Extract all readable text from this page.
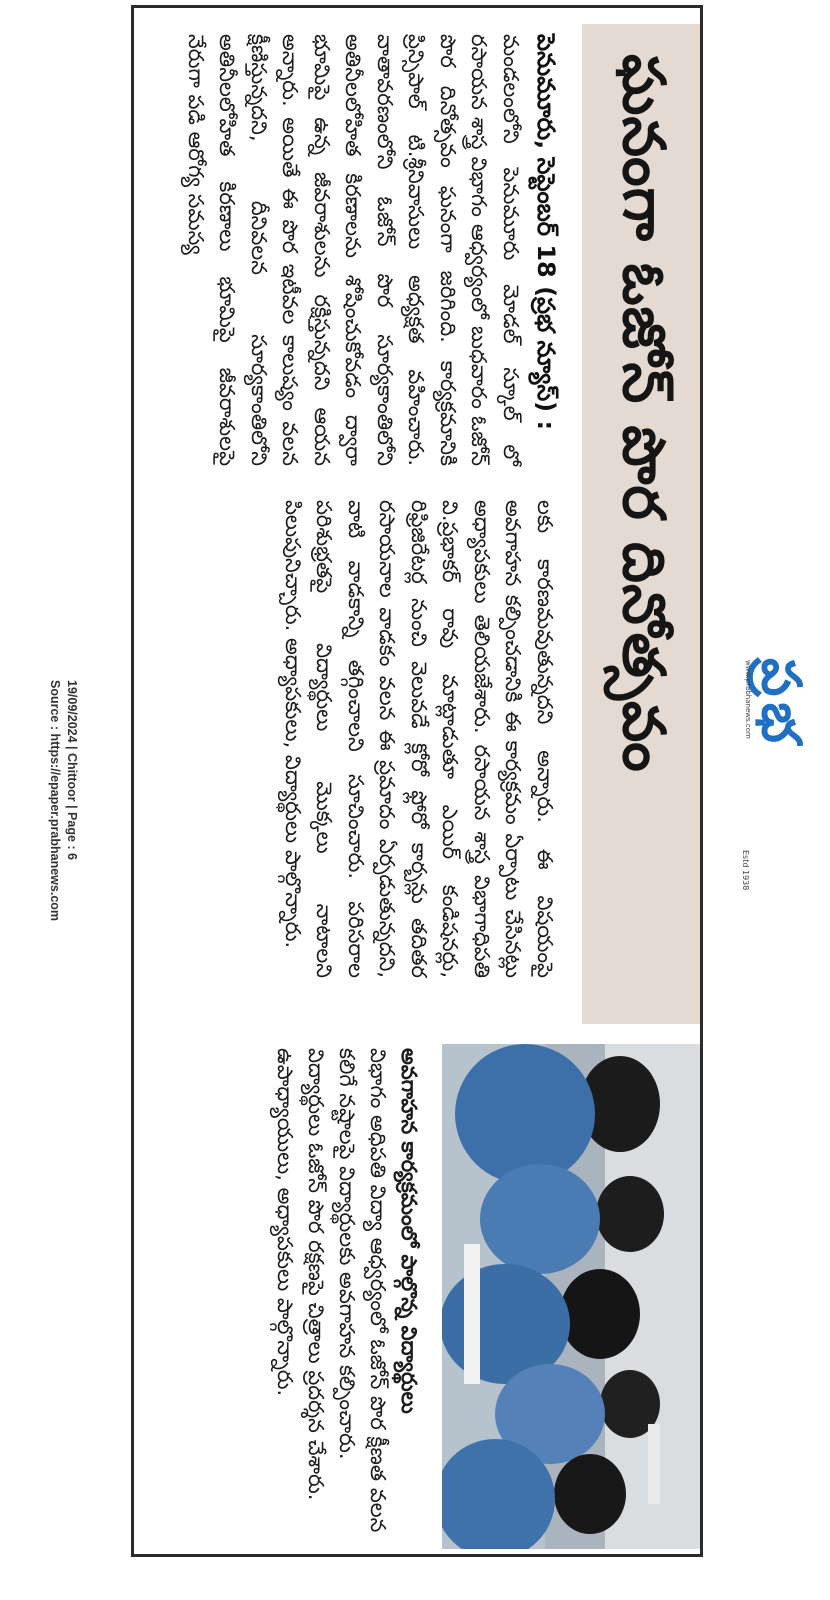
ఘనంగా ఓజోన్ పొర దినోత్సవం
పెనుమూరు, సెప్టెంబర్ 18 (ప్రభ న్యూస్) :

మండలంలోని పెనుమూరు మోడల్ స్కూల్ లో రసాయన శాస్త్ర విభాగం ఆధ్వర్యంలో బుధవారం ఓజోన్ పొర దినోత్సవం ఘనంగా జరిగింది. కార్యక్రమానికి ప్రిన్సిపాల్ టి.శ్రీనివాసులు అధ్యక్షత వహించారు. వాతావరణంలోని ఓజోన్ పొర సూర్యకాంతిలోని అతినీలలోహిత కిరణాలను శోషించుకోవడం ద్వారా భూమిపై ఉన్న జీవరాశులను రక్షిస్తున్నదని ఆయన అన్నారు. అయితే ఈ పొర ఇటీవల కాలుష్యం వలన క్షీణిస్తున్నదని, దీనివలన సూర్యకాంతిలోని అతినీలలోహిత కిరణాలు భూమిపై జీవరాశులపై నేరుగా పడి ఆరోగ్య సమస్య

లకు కారణమవుతున్నదని అన్నారు. ఈ విషయంపై అవగాహన కల్పించడానికి ఈ కార్యక్రమం ఏర్పాటు చేసినట్లు అధ్యాపకులు తెలియజేశారు. రసాయన శాస్త్ర విభాగాధిపతి వి.ప్రభాకర్ రావు మాట్లాడుతూ ఎయిర్ కండిషనర్లు, రిఫ్రిజిరేటర్ల నుంచి వెలువడే క్లోరో ఫ్లోరో కార్బన్లు తదితర రసాయనాల వాడకం వలన ఈ ప్రమాదం ఏర్పడుతున్నదని, వాటి వాడకాన్ని తగ్గించాలని సూచించారు. పరిసరాల పరిశుభ్రతపై విద్యార్థులు మొక్కలు నాటాలని పిలుపునిచ్చారు. అధ్యాపకులు, విద్యార్థులు పాల్గొన్నారు.

అవగాహన కార్యక్రమంలో పాల్గొన్న విద్యార్థులు
విభాగం అధిపతి విద్యా ఆధ్వర్యంలో ఓజోన్ పొర క్షీణత వలన కలిగే నష్టాలపై విద్యార్థులకు అవగాహన కల్పించారు. విద్యార్థులు ఓజోన్ పొర రక్షణపై చిత్రాలు ప్రదర్శన చేశారు. ఉపాధ్యాయులు, అధ్యాపకులు పాల్గొన్నారు.
ప్రభ
www.prabhanews.com
Estd 1938
19/09/2024 | Chittoor | Page : 6
Source : https://epaper.prabhanews.com
